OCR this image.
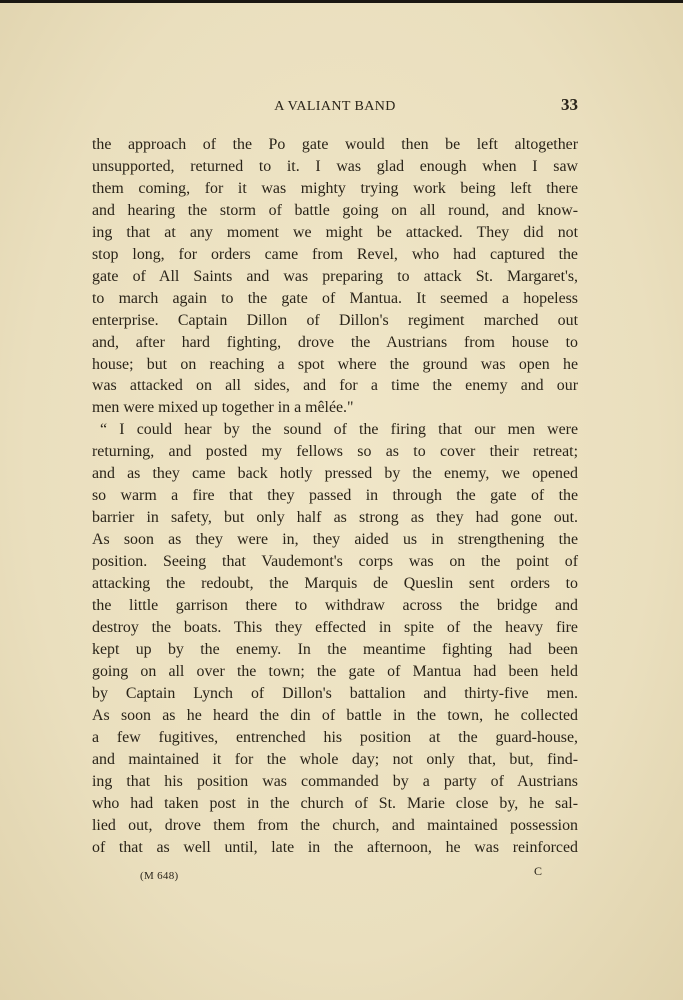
A VALIANT BAND	33
the approach of the Po gate would then be left altogether
unsupported, returned to it. I was glad enough when I saw
them coming, for it was mighty trying work being left there
and hearing the storm of battle going on all round, and know-
ing that at any moment we might be attacked. They did not
stop long, for orders came from Revel, who had captured the
gate of All Saints and was preparing to attack St. Margaret's,
to march again to the gate of Mantua. It seemed a hopeless
enterprise. Captain Dillon of Dillon's regiment marched out
and, after hard fighting, drove the Austrians from house to
house; but on reaching a spot where the ground was open he
was attacked on all sides, and for a time the enemy and our
men were mixed up together in a mêlée."
“ I could hear by the sound of the firing that our men were
returning, and posted my fellows so as to cover their retreat;
and as they came back hotly pressed by the enemy, we opened
so warm a fire that they passed in through the gate of the
barrier in safety, but only half as strong as they had gone out.
As soon as they were in, they aided us in strengthening the
position. Seeing that Vaudemont's corps was on the point of
attacking the redoubt, the Marquis de Queslin sent orders to
the little garrison there to withdraw across the bridge and
destroy the boats. This they effected in spite of the heavy fire
kept up by the enemy. In the meantime fighting had been
going on all over the town; the gate of Mantua had been held
by Captain Lynch of Dillon's battalion and thirty-five men.
As soon as he heard the din of battle in the town, he collected
a few fugitives, entrenched his position at the guard-house,
and maintained it for the whole day; not only that, but, find-
ing that his position was commanded by a party of Austrians
who had taken post in the church of St. Marie close by, he sal-
lied out, drove them from the church, and maintained possession
of that as well until, late in the afternoon, he was reinforced
(M 648)	C
